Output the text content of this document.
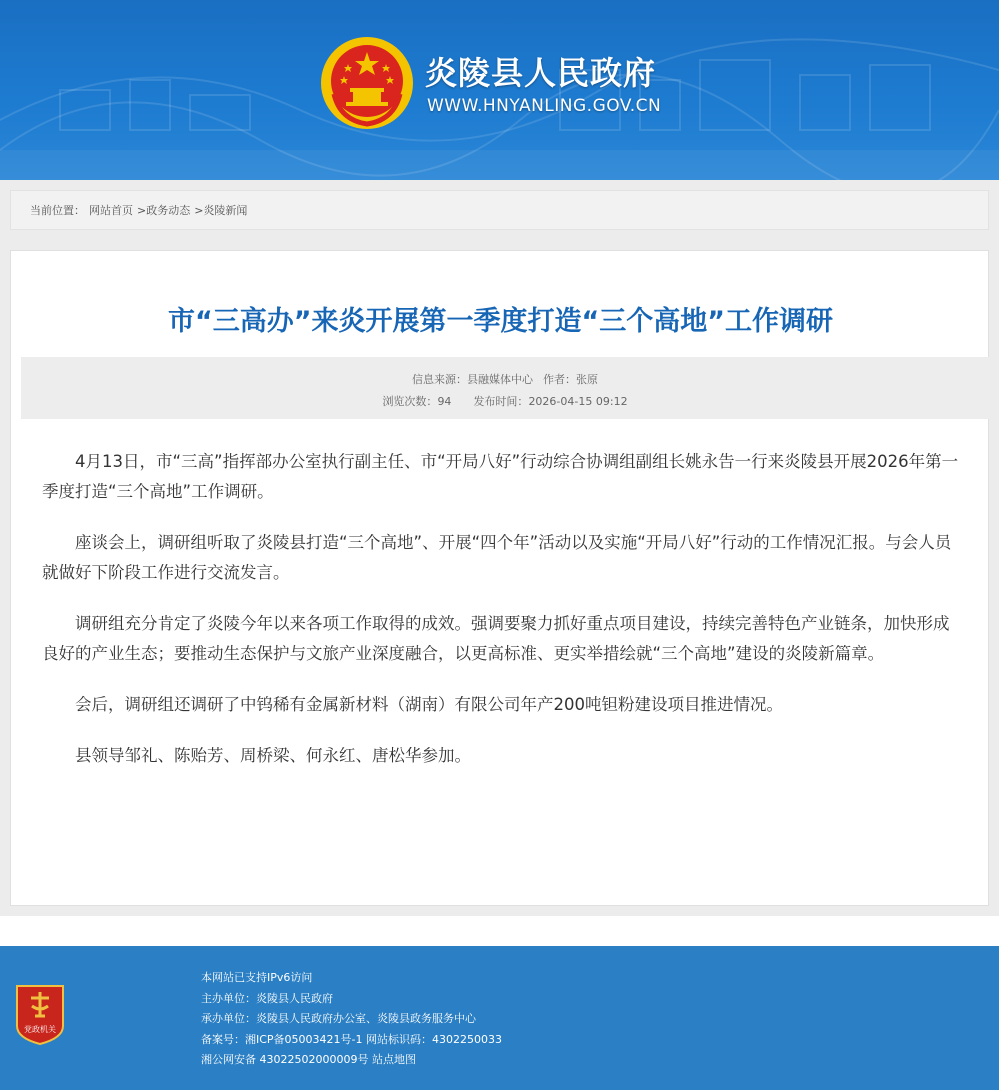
炎陵县人民政府
WWW.HNYANLING.GOV.CN
当前位置： 网站首页 >政务动态 >炎陵新闻
市“三高办”来炎开展第一季度打造“三个高地”工作调研
信息来源：县融媒体中心 作者：张原
浏览次数：94 发布时间：2026-04-15 09:12

4月13日，市“三高”指挥部办公室执行副主任、市“开局八好”行动综合协调组副组长姚永告一行来炎陵县开展2026年第一季度打造“三个高地”工作调研。

座谈会上，调研组听取了炎陵县打造“三个高地”、开展“四个年”活动以及实施“开局八好”行动的工作情况汇报。与会人员就做好下阶段工作进行交流发言。

调研组充分肯定了炎陵今年以来各项工作取得的成效。强调要聚力抓好重点项目建设，持续完善特色产业链条，加快形成良好的产业生态；要推动生态保护与文旅产业深度融合，以更高标准、更实举措绘就“三个高地”建设的炎陵新篇章。

会后，调研组还调研了中钨稀有金属新材料（湖南）有限公司年产200吨钽粉建设项目推进情况。

县领导邹礼、陈贻芳、周桥梁、何永红、唐松华参加。

党政机关
本网站已支持IPv6访问
主办单位：炎陵县人民政府
承办单位：炎陵县人民政府办公室、炎陵县政务服务中心
备案号：湘ICP备05003421号-1 网站标识码：4302250033
湘公网安备 43022502000009号 站点地图
